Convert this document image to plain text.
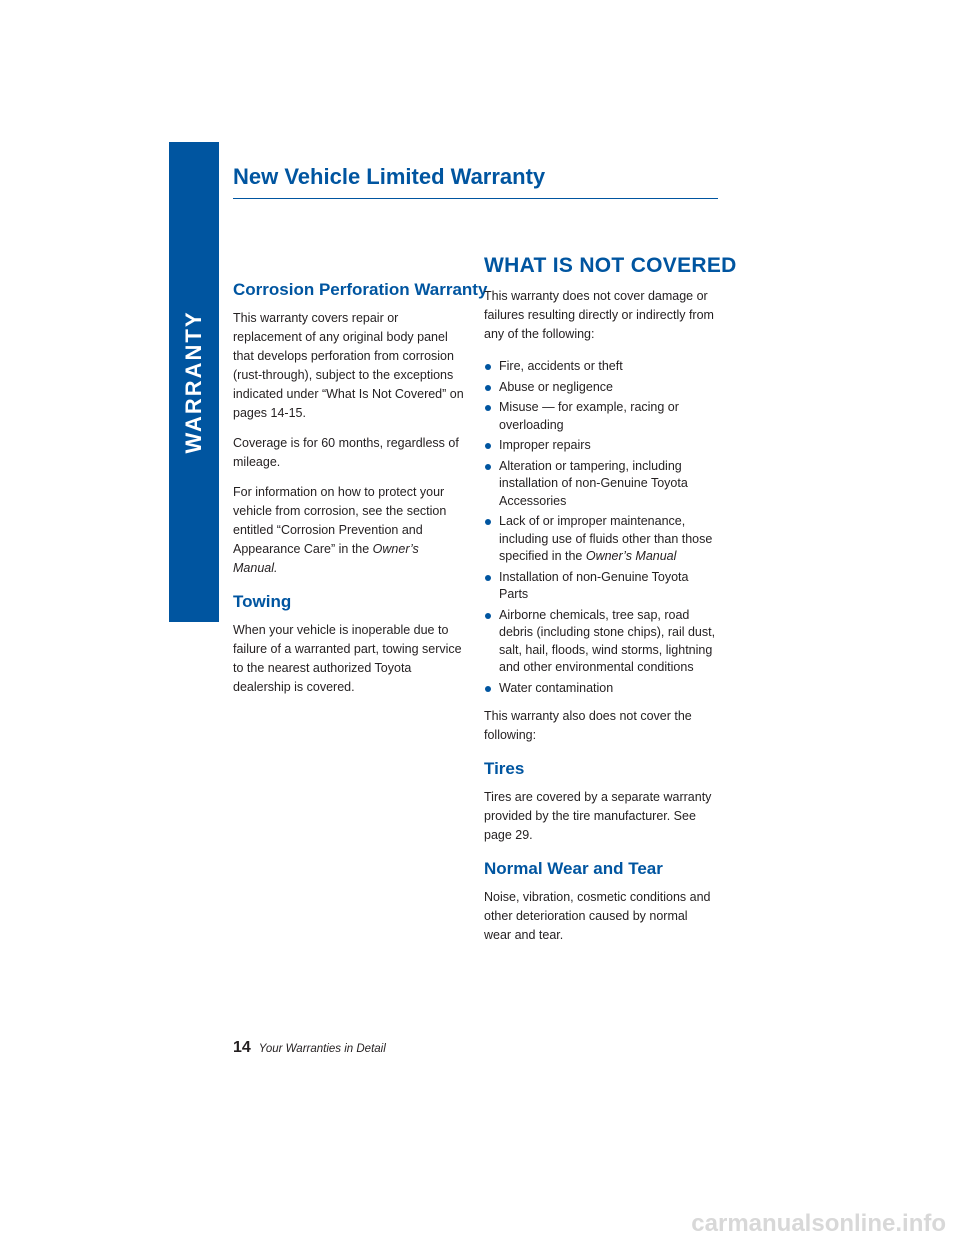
WARRANTY
New Vehicle Limited Warranty
Corrosion Perforation Warranty

This warranty covers repair or replacement of any original body panel that develops perforation from corrosion (rust-through), subject to the exceptions indicated under “What Is Not Covered” on pages 14-15.

Coverage is for 60 months, regardless of mileage.

For information on how to protect your vehicle from corrosion, see the section entitled “Corrosion Prevention and Appearance Care” in the Owner’s Manual.

Towing

When your vehicle is inoperable due to failure of a warranted part, towing service to the nearest authorized Toyota dealership is covered.

WHAT IS NOT COVERED

This warranty does not cover damage or failures resulting directly or indirectly from any of the following:

Fire, accidents or theft
Abuse or negligence
Misuse — for example, racing or overloading
Improper repairs
Alteration or tampering, including installation of non-Genuine Toyota Accessories
Lack of or improper maintenance, including use of fluids other than those specified in the Owner’s Manual
Installation of non-Genuine Toyota Parts
Airborne chemicals, tree sap, road debris (including stone chips), rail dust, salt, hail, floods, wind storms, lightning and other environmental conditions
Water contamination

This warranty also does not cover the following:

Tires

Tires are covered by a separate warranty provided by the tire manufacturer. See page 29.

Normal Wear and Tear

Noise, vibration, cosmetic conditions and other deterioration caused by normal wear and tear.

14 Your Warranties in Detail
carmanualsonline.info
